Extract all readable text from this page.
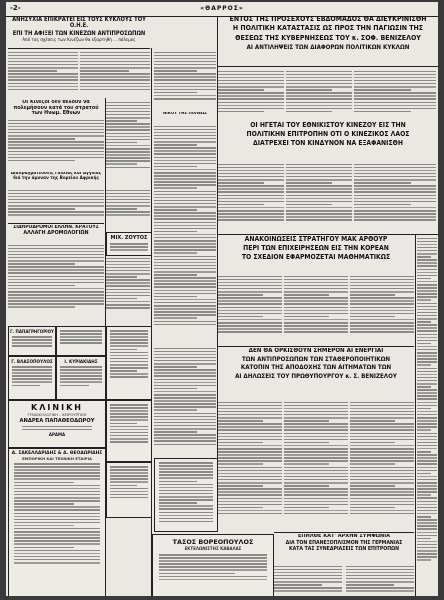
-2-	«ΘΑΡΡΟΣ»
ΑΝΗΣΥΧΙΑ ΕΠΙΚΡΑΤΕΙ ΕΙΣ ΤΟΥΣ ΚΥΚΛΟΥΣ ΤΟΥ Ο.Η.Ε.
ΕΠΙ ΤΗ ΑΦΙΞΕΙ ΤΩΝ ΚΙΝΕΖΩΝ ΑΝΤΙΠΡΟΣΩΠΩΝ
Από τας σχέσεις των Κινέζων θα εξαρτηθή ... πόλεμος
Οι Κινέζοι δεν θέλουν να πολεμήσουν κατά του στρατού των Ηνωμ. Εθνών
Διαπραγματεύσεις Γαλλίας και Αγγλίας διά την άμυναν της Βορείου Αφρικής
ΣΙΔΗΡΟΔΡΟΜΟΙ ΕΛΛΗΝ. ΚΡΑΤΟΥΣ
ΑΛΛΑΓΗ ΔΡΟΜΟΛΟΓΙΩΝ
Γ. ΠΑΠΑΓΡΗΓΟΡΙΟΥ
Γ. ΒΛΑΣΟΠΟΥΛΟΣ	Ι. ΚΥΡΙΑΚΙΔΗΣ
ΚΛΙΝΙΚΗ
ΓΥΝΑΙΚΟΛΟΓΙΚΗ - ΧΕΙΡΟΥΡΓΙΚΗ
ΑΝΔΡΕΑ ΠΑΠΑΘΕΟΔΩΡΟΥ
ΔΡΑΜΑ
Α. ΣΑΚΕΛΛΑΡΙΔΗΣ & Δ. ΘΕΟΔΩΡΙΔΗΣ
ΕΜΠΟΡΙΚΗ ΚΑΙ ΤΕΧΝΙΚΗ ΕΤΑΙΡΙΑ
ΜΙΧ. ΖΟΥΤΟΣ
ΝΙΚΟΥ ΤΗΣ ΠΟΛΕΩΣ
ΤΑΣΟΣ ΒΟΡΕΟΠΟΥΛΟΣ
ΕΚΤΕΛΩΝΙΣΤΗΣ ΚΑΒΑΛΑΣ
ΕΝΤΟΣ ΤΗΣ ΠΡΟΣΕΧΟΥΣ ΕΒΔΟΜΑΔΟΣ ΘΑ ΔΙΕΥΚΡΙΝΙΣΘΗ
Η ΠΟΛΙΤΙΚΗ ΚΑΤΑΣΤΑΣΙΣ ΩΣ ΠΡΟΣ ΤΗΝ ΠΑΓΙΩΣΙΝ ΤΗΣ
ΘΕΣΕΩΣ ΤΗΣ ΚΥΒΕΡΝΗΣΕΩΣ ΤΟΥ κ. ΣΟΦ. ΒΕΝΙΖΕΛΟΥ
ΑΙ ΑΝΤΙΛΗΨΕΙΣ ΤΩΝ ΔΙΑΦΟΡΩΝ ΠΟΛΙΤΙΚΩΝ ΚΥΚΛΩΝ
ΟΙ ΗΓΕΤΑΙ ΤΟΥ ΕΘΝΙΚΙΣΤΟΥ ΚΙΝΕΖΟΥ ΕΙΣ ΤΗΝ
ΠΟΛΙΤΙΚΗΝ ΕΠΙΤΡΟΠΗΝ ΟΤΙ Ο ΚΙΝΕΖΙΚΟΣ ΛΑΟΣ
ΔΙΑΤΡΕΧΕΙ ΤΟΝ ΚΙΝΔΥΝΟΝ ΝΑ ΕΞΑΦΑΝΙΣΘΗ
ΑΝΑΚΟΙΝΩΣΕΙΣ ΣΤΡΑΤΗΓΟΥ ΜΑΚ ΑΡΘΟΥΡ
ΠΕΡΙ ΤΩΝ ΕΠΙΧΕΙΡΗΣΕΩΝ ΕΙΣ ΤΗΝ ΚΟΡΕΑΝ
ΤΟ ΣΧΕΔΙΟΝ ΕΦΑΡΜΟΖΕΤΑΙ ΜΑΘΗΜΑΤΙΚΩΣ
ΔΕΝ ΘΑ ΟΡΚΙΣΘΟΥΝ ΣΗΜΕΡΟΝ ΑΙ ΕΝΕΡΓΙΑΙ
ΤΩΝ ΑΝΤΙΠΡΟΣΩΠΩΝ ΤΩΝ ΣΤΑΘΕΡΟΠΟΙΗΤΙΚΩΝ
ΚΑΤΟΠΙΝ ΤΗΣ ΑΠΟΔΟΧΗΣ ΤΩΝ ΑΙΤΗΜΑΤΩΝ ΤΩΝ
ΑΙ ΔΗΛΩΣΕΙΣ ΤΟΥ ΠΡΩΘΥΠΟΥΡΓΟΥ κ. Σ. ΒΕΝΙΖΕΛΟΥ
ΕΠΗΛΘΕ ΚΑΤ' ΑΡΧΗΝ ΣΥΜΦΩΝΙΑ
ΔΙΑ ΤΟΝ ΕΠΑΝΕΞΟΠΛΙΣΜΟΝ ΤΗΣ ΓΕΡΜΑΝΙΑΣ
ΚΑΤΑ ΤΑΣ ΣΥΝΕΔΡΙΑΣΕΙΣ ΤΩΝ ΕΠΙΤΡΟΠΩΝ
